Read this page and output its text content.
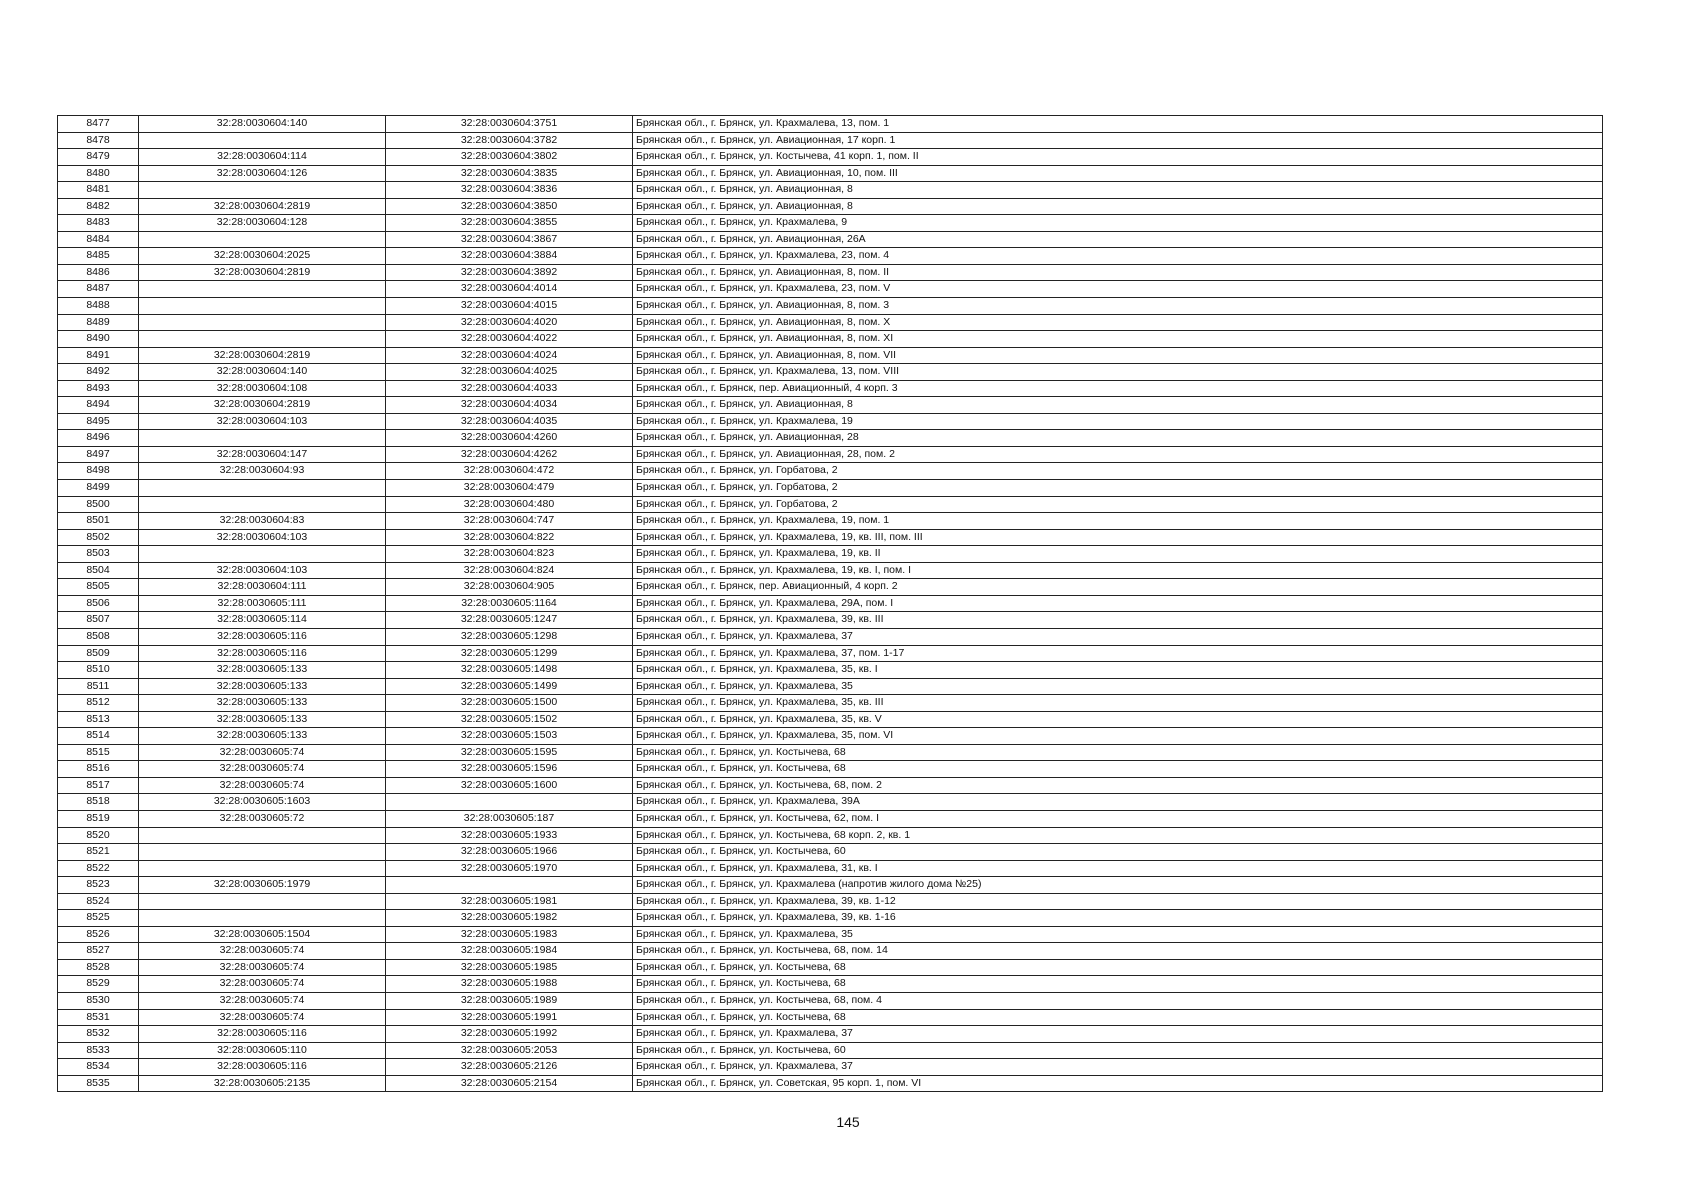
8477	32:28:0030604:140	32:28:0030604:3751	Брянская обл., г. Брянск, ул. Крахмалева, 13, пом. 1
8478		32:28:0030604:3782	Брянская обл., г. Брянск, ул. Авиационная, 17 корп. 1
8479	32:28:0030604:114	32:28:0030604:3802	Брянская обл., г. Брянск, ул. Костычева, 41 корп. 1, пом. II
8480	32:28:0030604:126	32:28:0030604:3835	Брянская обл., г. Брянск, ул. Авиационная, 10, пом. III
8481		32:28:0030604:3836	Брянская обл., г. Брянск, ул. Авиационная, 8
8482	32:28:0030604:2819	32:28:0030604:3850	Брянская обл., г. Брянск, ул. Авиационная, 8
8483	32:28:0030604:128	32:28:0030604:3855	Брянская обл., г. Брянск, ул. Крахмалева, 9
8484		32:28:0030604:3867	Брянская обл., г. Брянск, ул. Авиационная, 26А
8485	32:28:0030604:2025	32:28:0030604:3884	Брянская обл., г. Брянск, ул. Крахмалева, 23, пом. 4
8486	32:28:0030604:2819	32:28:0030604:3892	Брянская обл., г. Брянск, ул. Авиационная, 8, пом. II
8487		32:28:0030604:4014	Брянская обл., г. Брянск, ул. Крахмалева, 23, пом. V
8488		32:28:0030604:4015	Брянская обл., г. Брянск, ул. Авиационная, 8, пом. 3
8489		32:28:0030604:4020	Брянская обл., г. Брянск, ул. Авиационная, 8, пом. X
8490		32:28:0030604:4022	Брянская обл., г. Брянск, ул. Авиационная, 8, пом. XI
8491	32:28:0030604:2819	32:28:0030604:4024	Брянская обл., г. Брянск, ул. Авиационная, 8, пом. VII
8492	32:28:0030604:140	32:28:0030604:4025	Брянская обл., г. Брянск, ул. Крахмалева, 13, пом. VIII
8493	32:28:0030604:108	32:28:0030604:4033	Брянская обл., г. Брянск, пер. Авиационный, 4 корп. 3
8494	32:28:0030604:2819	32:28:0030604:4034	Брянская обл., г. Брянск, ул. Авиационная, 8
8495	32:28:0030604:103	32:28:0030604:4035	Брянская обл., г. Брянск, ул. Крахмалева, 19
8496		32:28:0030604:4260	Брянская обл., г. Брянск, ул. Авиационная, 28
8497	32:28:0030604:147	32:28:0030604:4262	Брянская обл., г. Брянск, ул. Авиационная, 28, пом. 2
8498	32:28:0030604:93	32:28:0030604:472	Брянская обл., г. Брянск, ул. Горбатова, 2
8499		32:28:0030604:479	Брянская обл., г. Брянск, ул. Горбатова, 2
8500		32:28:0030604:480	Брянская обл., г. Брянск, ул. Горбатова, 2
8501	32:28:0030604:83	32:28:0030604:747	Брянская обл., г. Брянск, ул. Крахмалева, 19, пом. 1
8502	32:28:0030604:103	32:28:0030604:822	Брянская обл., г. Брянск, ул. Крахмалева, 19, кв. III, пом. III
8503		32:28:0030604:823	Брянская обл., г. Брянск, ул. Крахмалева, 19, кв. II
8504	32:28:0030604:103	32:28:0030604:824	Брянская обл., г. Брянск, ул. Крахмалева, 19, кв. I, пом. I
8505	32:28:0030604:111	32:28:0030604:905	Брянская обл., г. Брянск, пер. Авиационный, 4 корп. 2
8506	32:28:0030605:111	32:28:0030605:1164	Брянская обл., г. Брянск, ул. Крахмалева, 29А, пом. I
8507	32:28:0030605:114	32:28:0030605:1247	Брянская обл., г. Брянск, ул. Крахмалева, 39, кв. III
8508	32:28:0030605:116	32:28:0030605:1298	Брянская обл., г. Брянск, ул. Крахмалева, 37
8509	32:28:0030605:116	32:28:0030605:1299	Брянская обл., г. Брянск, ул. Крахмалева, 37, пом. 1-17
8510	32:28:0030605:133	32:28:0030605:1498	Брянская обл., г. Брянск, ул. Крахмалева, 35, кв. I
8511	32:28:0030605:133	32:28:0030605:1499	Брянская обл., г. Брянск, ул. Крахмалева, 35
8512	32:28:0030605:133	32:28:0030605:1500	Брянская обл., г. Брянск, ул. Крахмалева, 35, кв. III
8513	32:28:0030605:133	32:28:0030605:1502	Брянская обл., г. Брянск, ул. Крахмалева, 35, кв. V
8514	32:28:0030605:133	32:28:0030605:1503	Брянская обл., г. Брянск, ул. Крахмалева, 35, пом. VI
8515	32:28:0030605:74	32:28:0030605:1595	Брянская обл., г. Брянск, ул. Костычева, 68
8516	32:28:0030605:74	32:28:0030605:1596	Брянская обл., г. Брянск, ул. Костычева, 68
8517	32:28:0030605:74	32:28:0030605:1600	Брянская обл., г. Брянск, ул. Костычева, 68, пом. 2
8518	32:28:0030605:1603		Брянская обл., г. Брянск, ул. Крахмалева, 39А
8519	32:28:0030605:72	32:28:0030605:187	Брянская обл., г. Брянск, ул. Костычева, 62, пом. I
8520		32:28:0030605:1933	Брянская обл., г. Брянск, ул. Костычева, 68 корп. 2, кв. 1
8521		32:28:0030605:1966	Брянская обл., г. Брянск, ул. Костычева, 60
8522		32:28:0030605:1970	Брянская обл., г. Брянск, ул. Крахмалева, 31, кв. I
8523	32:28:0030605:1979		Брянская обл., г. Брянск, ул. Крахмалева (напротив жилого дома №25)
8524		32:28:0030605:1981	Брянская обл., г. Брянск, ул. Крахмалева, 39, кв. 1-12
8525		32:28:0030605:1982	Брянская обл., г. Брянск, ул. Крахмалева, 39, кв. 1-16
8526	32:28:0030605:1504	32:28:0030605:1983	Брянская обл., г. Брянск, ул. Крахмалева, 35
8527	32:28:0030605:74	32:28:0030605:1984	Брянская обл., г. Брянск, ул. Костычева, 68, пом. 14
8528	32:28:0030605:74	32:28:0030605:1985	Брянская обл., г. Брянск, ул. Костычева, 68
8529	32:28:0030605:74	32:28:0030605:1988	Брянская обл., г. Брянск, ул. Костычева, 68
8530	32:28:0030605:74	32:28:0030605:1989	Брянская обл., г. Брянск, ул. Костычева, 68, пом. 4
8531	32:28:0030605:74	32:28:0030605:1991	Брянская обл., г. Брянск, ул. Костычева, 68
8532	32:28:0030605:116	32:28:0030605:1992	Брянская обл., г. Брянск, ул. Крахмалева, 37
8533	32:28:0030605:110	32:28:0030605:2053	Брянская обл., г. Брянск, ул. Костычева, 60
8534	32:28:0030605:116	32:28:0030605:2126	Брянская обл., г. Брянск, ул. Крахмалева, 37
8535	32:28:0030605:2135	32:28:0030605:2154	Брянская обл., г. Брянск, ул. Советская, 95 корп. 1, пом. VI
145
